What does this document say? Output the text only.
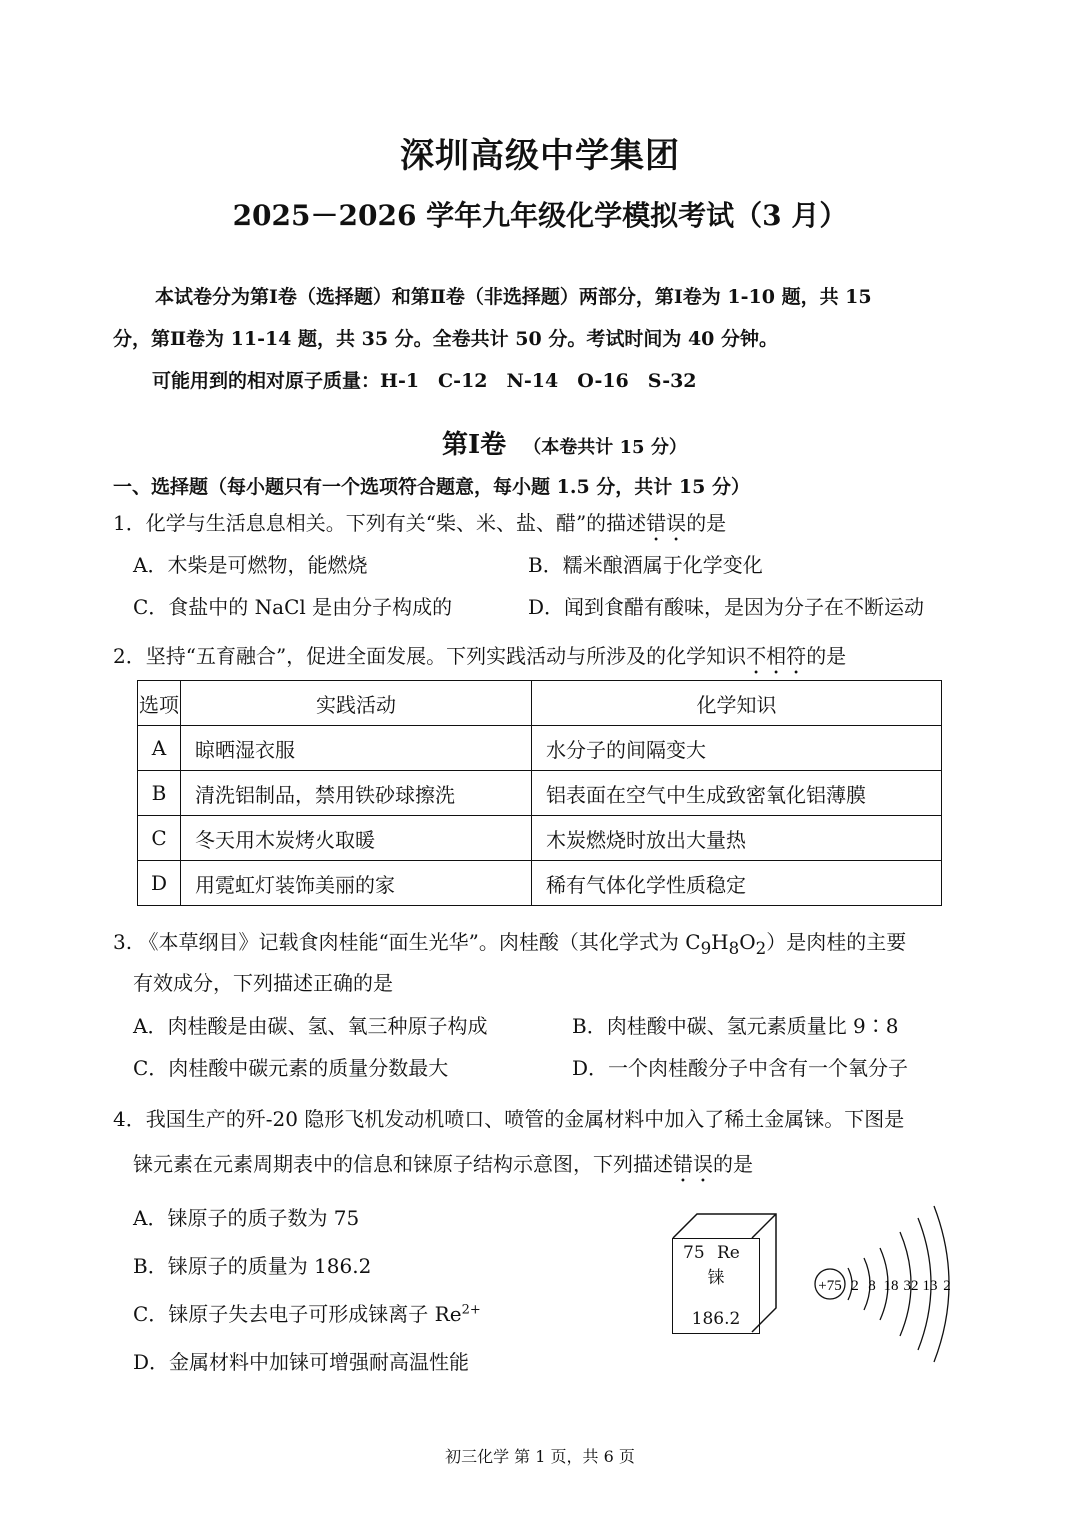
深圳高级中学集团
2025－2026 学年九年级化学模拟考试（3 月）
本试卷分为第Ⅰ卷（选择题）和第Ⅱ卷（非选择题）两部分，第Ⅰ卷为 1-10 题，共 15
分，第Ⅱ卷为 11-14 题，共 35 分。全卷共计 50 分。考试时间为 40 分钟。
可能用到的相对原子质量：H-1　C-12　N-14　O-16　S-32
第Ⅰ卷 （本卷共计 15 分）
一、选择题（每小题只有一个选项符合题意，每小题 1.5 分，共计 15 分）
1．化学与生活息息相关。下列有关“柴、米、盐、醋”的描述错误的是
A．木柴是可燃物，能燃烧	B．糯米酿酒属于化学变化
C．食盐中的 NaCl 是由分子构成的	D．闻到食醋有酸味，是因为分子在不断运动
2．坚持“五育融合”，促进全面发展。下列实践活动与所涉及的化学知识不相符的是
选项	实践活动	化学知识
A	晾晒湿衣服	水分子的间隔变大
B	清洗铝制品，禁用铁砂球擦洗	铝表面在空气中生成致密氧化铝薄膜
C	冬天用木炭烤火取暖	木炭燃烧时放出大量热
D	用霓虹灯装饰美丽的家	稀有气体化学性质稳定
3. 《本草纲目》记载食肉桂能“面生光华”。肉桂酸（其化学式为 $C_9H_8O_2$）是肉桂的主要
有效成分，下列描述正确的是
A．肉桂酸是由碳、氢、氧三种原子构成	B．肉桂酸中碳、氢元素质量比 9∶8
C．肉桂酸中碳元素的质量分数最大	D．一个肉桂酸分子中含有一个氧分子
4．我国生产的歼-20 隐形飞机发动机喷口、喷管的金属材料中加入了稀土金属铼。下图是
铼元素在元素周期表中的信息和铼原子结构示意图，下列描述错误的是
A．铼原子的质子数为 75
B．铼原子的质量为 186.2
C．铼原子失去电子可形成铼离子 $Re^{2+}$
D．金属材料中加铼可增强耐高温性能
75 Re
铼
186.2
+75 2 8 18 32 13 2
初三化学 第 1 页，共 6 页
